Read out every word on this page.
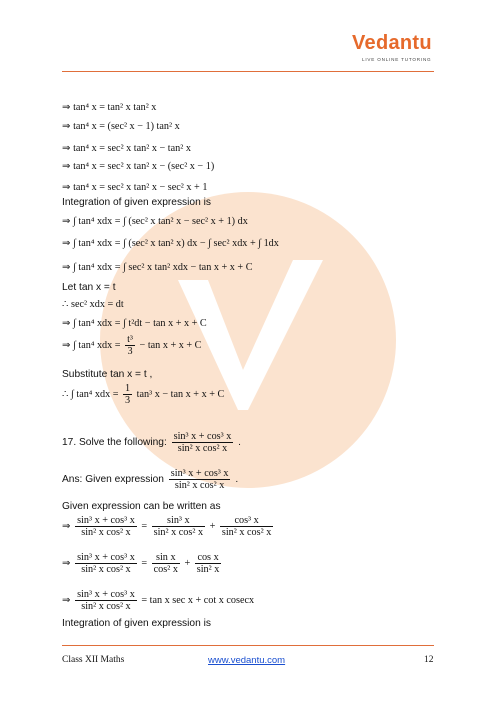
Vedantu
LIVE ONLINE TUTORING
⇒ tan⁴ x = tan² x tan² x
⇒ tan⁴ x = (sec² x − 1) tan² x
⇒ tan⁴ x = sec² x tan² x − tan² x
⇒ tan⁴ x = sec² x tan² x − (sec² x − 1)
⇒ tan⁴ x = sec² x tan² x − sec² x + 1
Integration of given expression is
⇒ ∫ tan⁴ xdx = ∫ (sec² x tan² x − sec² x + 1) dx
⇒ ∫ tan⁴ xdx = ∫ (sec² x tan² x) dx − ∫ sec² xdx + ∫ 1dx
⇒ ∫ tan⁴ xdx = ∫ sec² x tan² xdx − tan x + x + C
Let tan x = t
∴ sec² xdx = dt
⇒ ∫ tan⁴ xdx = ∫ t²dt − tan x + x + C
⇒ ∫ tan⁴ xdx = $\frac{\text{t³}}{3} - \tan x + x + C$
Substitute tan x = t ,
∴ ∫ tan⁴ xdx = $\frac{1}{3} \tan^3$ x − tan x + x + C
17. Solve the following: $\frac{\text{sin³ x + cos³ x}}{\text{sin² x cos² x}}$ .
Ans: Given expression $\frac{\text{sin³ x + cos³ x}}{\text{sin² x cos² x}}$ .
Given expression can be written as
⇒ $\frac{\text{sin³ x + cos³ x}}{\text{sin² x cos² x}} = \frac{\text{sin³ x}}{\text{sin² x cos² x}} + \frac{\text{cos³ x}}{\text{sin² x cos² x}}$
⇒ $\frac{\text{sin³ x + cos³ x}}{\text{sin² x cos² x}} = \frac{\text{sin x}}{\text{cos² x}} + \frac{\text{cos x}}{\text{sin² x}}$
⇒ $\frac{\text{sin³ x + cos³ x}}{\text{sin² x cos² x}} = \tan x$ sec x + cot x cosecx
Integration of given expression is
Class XII Maths	www.vedantu.com	12
